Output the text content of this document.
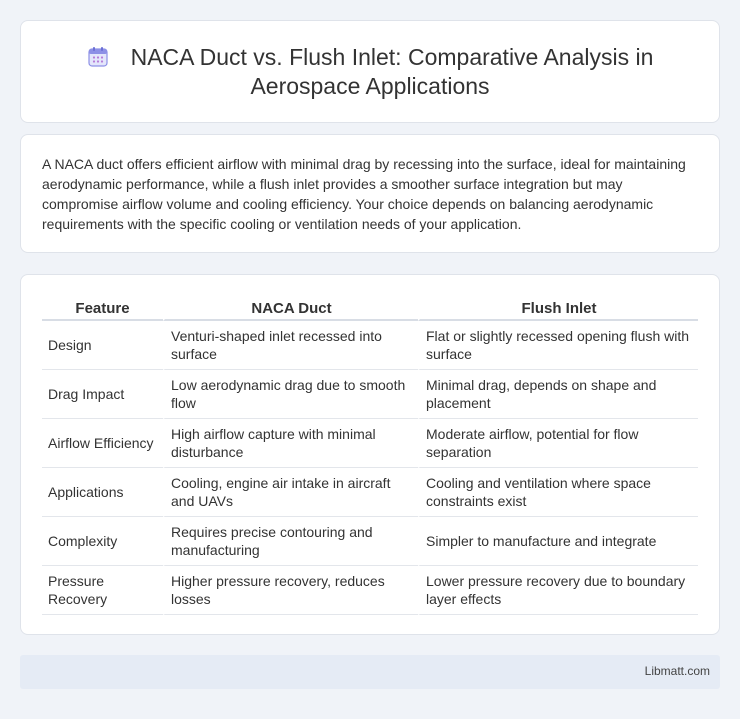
NACA Duct vs. Flush Inlet: Comparative Analysis in Aerospace Applications

A NACA duct offers efficient airflow with minimal drag by recessing into the surface, ideal for maintaining aerodynamic performance, while a flush inlet provides a smoother surface integration but may compromise airflow volume and cooling efficiency. Your choice depends on balancing aerodynamic requirements with the specific cooling or ventilation needs of your application.

Feature	NACA Duct	Flush Inlet
Design	Venturi-shaped inlet recessed into surface	Flat or slightly recessed opening flush with surface
Drag Impact	Low aerodynamic drag due to smooth flow	Minimal drag, depends on shape and placement
Airflow Efficiency	High airflow capture with minimal disturbance	Moderate airflow, potential for flow separation
Applications	Cooling, engine air intake in aircraft and UAVs	Cooling and ventilation where space constraints exist
Complexity	Requires precise contouring and manufacturing	Simpler to manufacture and integrate
Pressure Recovery	Higher pressure recovery, reduces losses	Lower pressure recovery due to boundary layer effects
Libmatt.com
